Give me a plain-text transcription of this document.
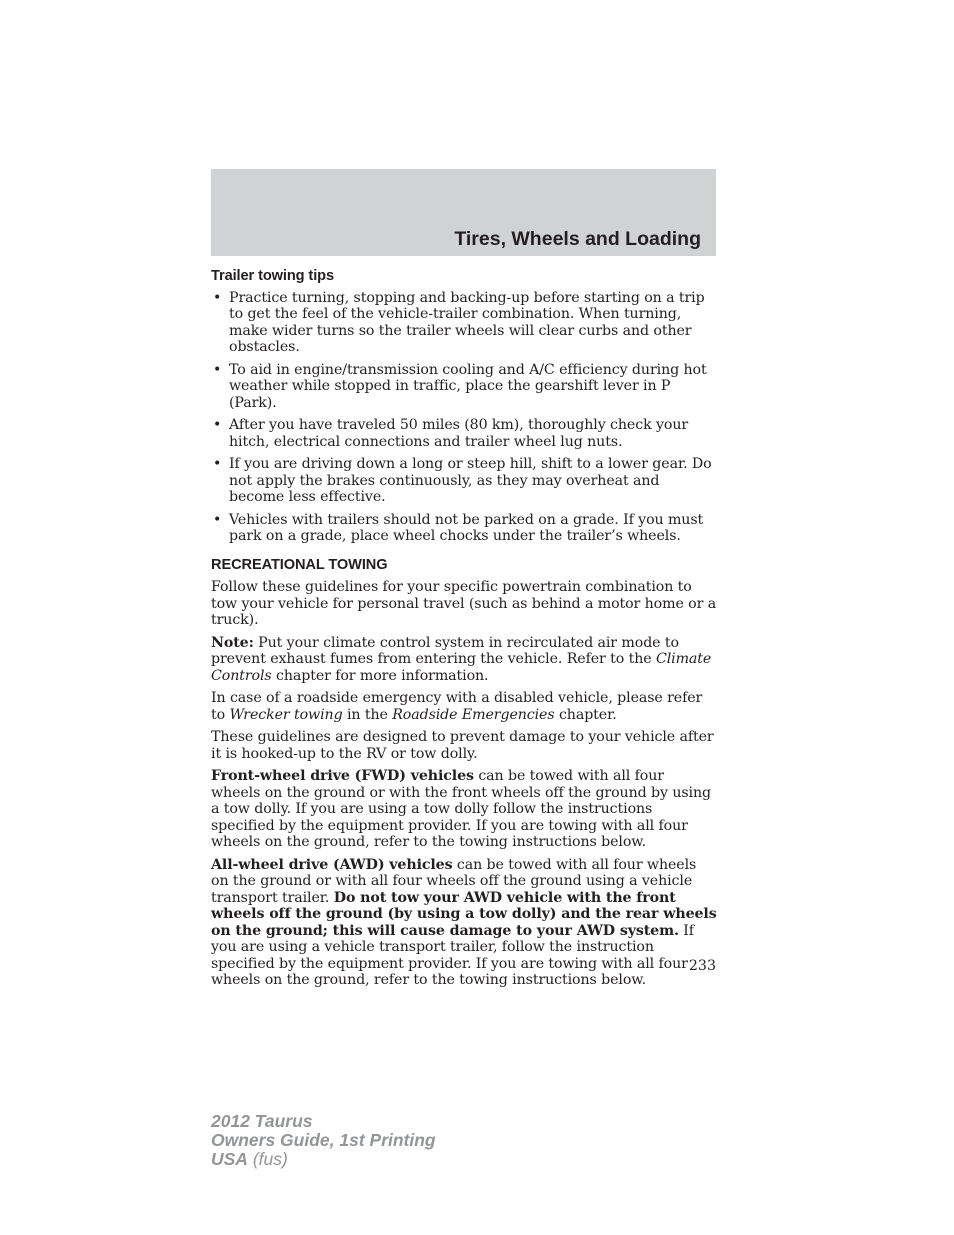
Tires, Wheels and Loading
Trailer towing tips
• Practice turning, stopping and backing-up before starting on a trip to get the feel of the vehicle-trailer combination. When turning, make wider turns so the trailer wheels will clear curbs and other obstacles.
• To aid in engine/transmission cooling and A/C efficiency during hot weather while stopped in traffic, place the gearshift lever in P (Park).
• After you have traveled 50 miles (80 km), thoroughly check your hitch, electrical connections and trailer wheel lug nuts.
• If you are driving down a long or steep hill, shift to a lower gear. Do not apply the brakes continuously, as they may overheat and become less effective.
• Vehicles with trailers should not be parked on a grade. If you must park on a grade, place wheel chocks under the trailer’s wheels.
RECREATIONAL TOWING

Follow these guidelines for your specific powertrain combination to tow your vehicle for personal travel (such as behind a motor home or a truck).

Note: Put your climate control system in recirculated air mode to prevent exhaust fumes from entering the vehicle. Refer to the Climate Controls chapter for more information.

In case of a roadside emergency with a disabled vehicle, please refer to Wrecker towing in the Roadside Emergencies chapter.

These guidelines are designed to prevent damage to your vehicle after it is hooked-up to the RV or tow dolly.

Front-wheel drive (FWD) vehicles can be towed with all four wheels on the ground or with the front wheels off the ground by using a tow dolly. If you are using a tow dolly follow the instructions specified by the equipment provider. If you are towing with all four wheels on the ground, refer to the towing instructions below.

All-wheel drive (AWD) vehicles can be towed with all four wheels on the ground or with all four wheels off the ground using a vehicle transport trailer. Do not tow your AWD vehicle with the front wheels off the ground (by using a tow dolly) and the rear wheels on the ground; this will cause damage to your AWD system. If you are using a vehicle transport trailer, follow the instruction specified by the equipment provider. If you are towing with all four wheels on the ground, refer to the towing instructions below.

233
2012 Taurus
Owners Guide, 1st Printing
USA (fus)
